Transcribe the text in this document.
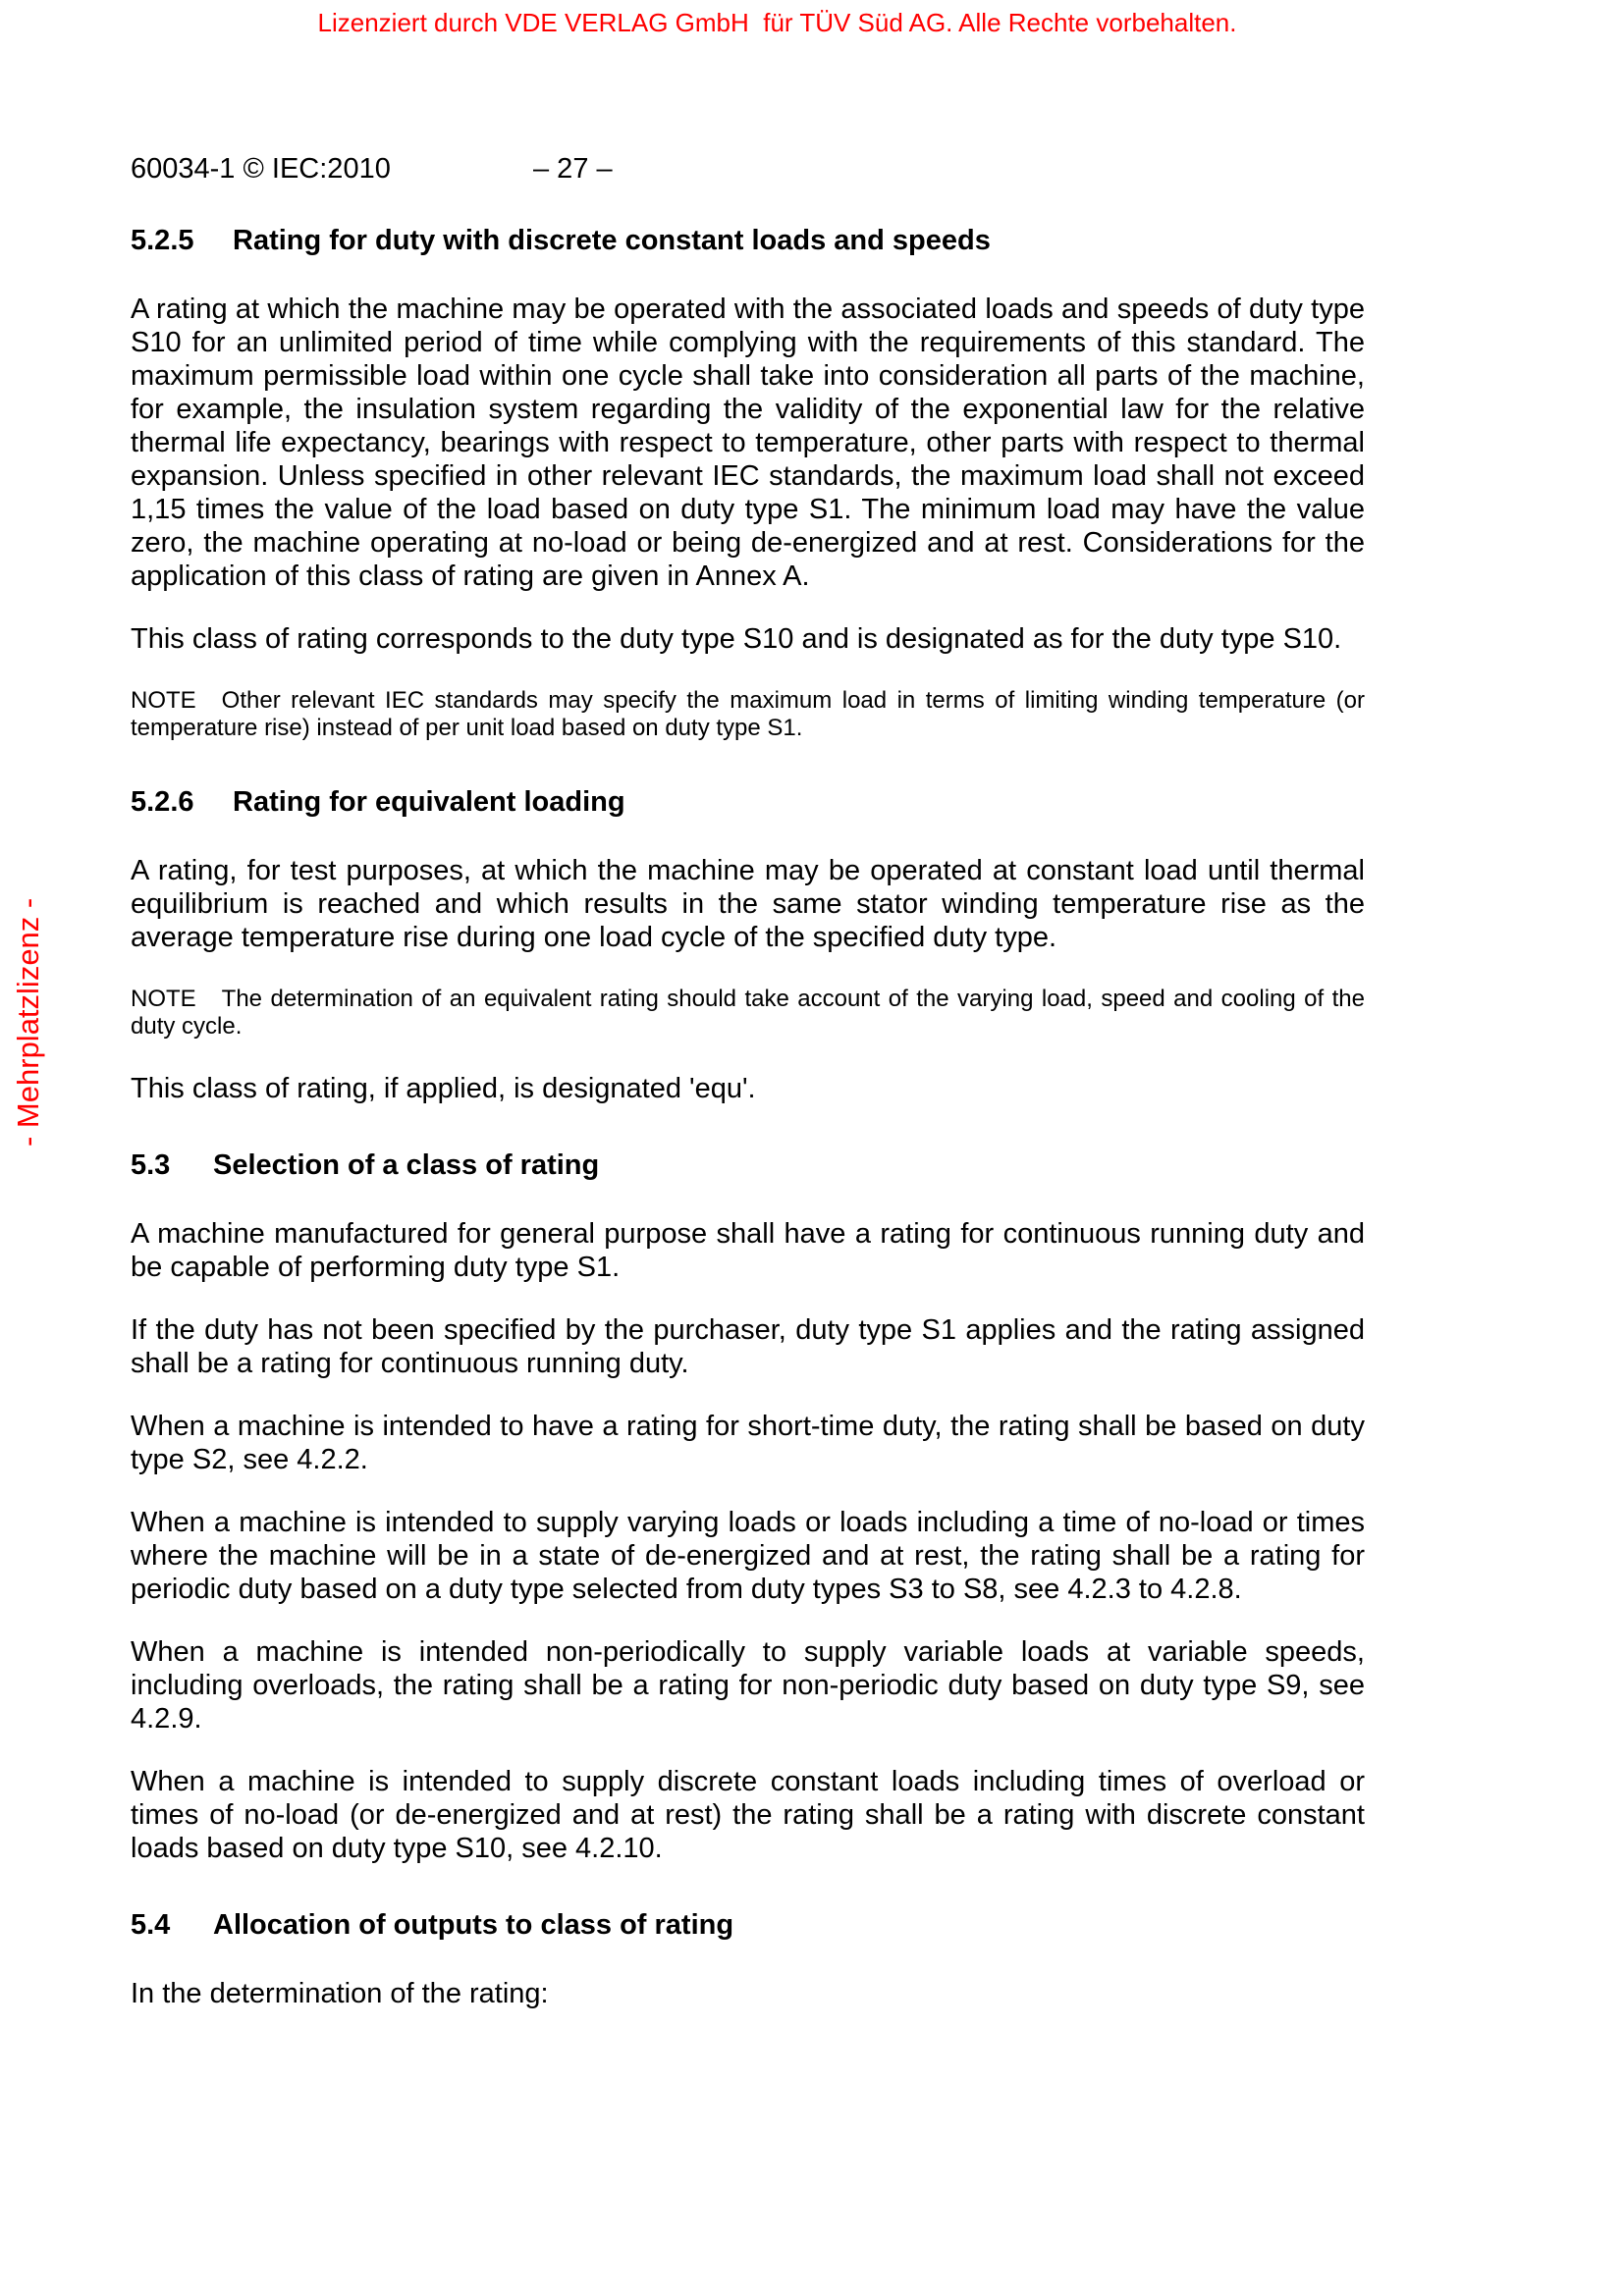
Lizenziert durch VDE VERLAG GmbH  für TÜV Süd AG. Alle Rechte vorbehalten.
- Mehrplatzlizenz -
60034-1 © IEC:2010	– 27 –
5.2.5	Rating for duty with discrete constant loads and speeds

A rating at which the machine may be operated with the associated loads and speeds of duty type S10 for an unlimited period of time while complying with the requirements of this standard. The maximum permissible load within one cycle shall take into consideration all parts of the machine, for example, the insulation system regarding the validity of the exponential law for the relative thermal life expectancy, bearings with respect to temperature, other parts with respect to thermal expansion. Unless specified in other relevant IEC standards, the maximum load shall not exceed 1,15 times the value of the load based on duty type S1. The minimum load may have the value zero, the machine operating at no-load or being de-energized and at rest. Considerations for the application of this class of rating are given in Annex A.

This class of rating corresponds to the duty type S10 and is designated as for the duty type S10.

NOTE Other relevant IEC standards may specify the maximum load in terms of limiting winding temperature (or temperature rise) instead of per unit load based on duty type S1.

5.2.6	Rating for equivalent loading

A rating, for test purposes, at which the machine may be operated at constant load until thermal equilibrium is reached and which results in the same stator winding temperature rise as the average temperature rise during one load cycle of the specified duty type.

NOTE The determination of an equivalent rating should take account of the varying load, speed and cooling of the duty cycle.

This class of rating, if applied, is designated 'equ'.

5.3	Selection of a class of rating

A machine manufactured for general purpose shall have a rating for continuous running duty and be capable of performing duty type S1.

If the duty has not been specified by the purchaser, duty type S1 applies and the rating assigned shall be a rating for continuous running duty.

When a machine is intended to have a rating for short-time duty, the rating shall be based on duty type S2, see 4.2.2.

When a machine is intended to supply varying loads or loads including a time of no-load or times where the machine will be in a state of de-energized and at rest, the rating shall be a rating for periodic duty based on a duty type selected from duty types S3 to S8, see 4.2.3 to 4.2.8.

When a machine is intended non-periodically to supply variable loads at variable speeds, including overloads, the rating shall be a rating for non-periodic duty based on duty type S9, see 4.2.9.

When a machine is intended to supply discrete constant loads including times of overload or times of no-load (or de-energized and at rest) the rating shall be a rating with discrete constant loads based on duty type S10, see 4.2.10.

5.4	Allocation of outputs to class of rating

In the determination of the rating:
